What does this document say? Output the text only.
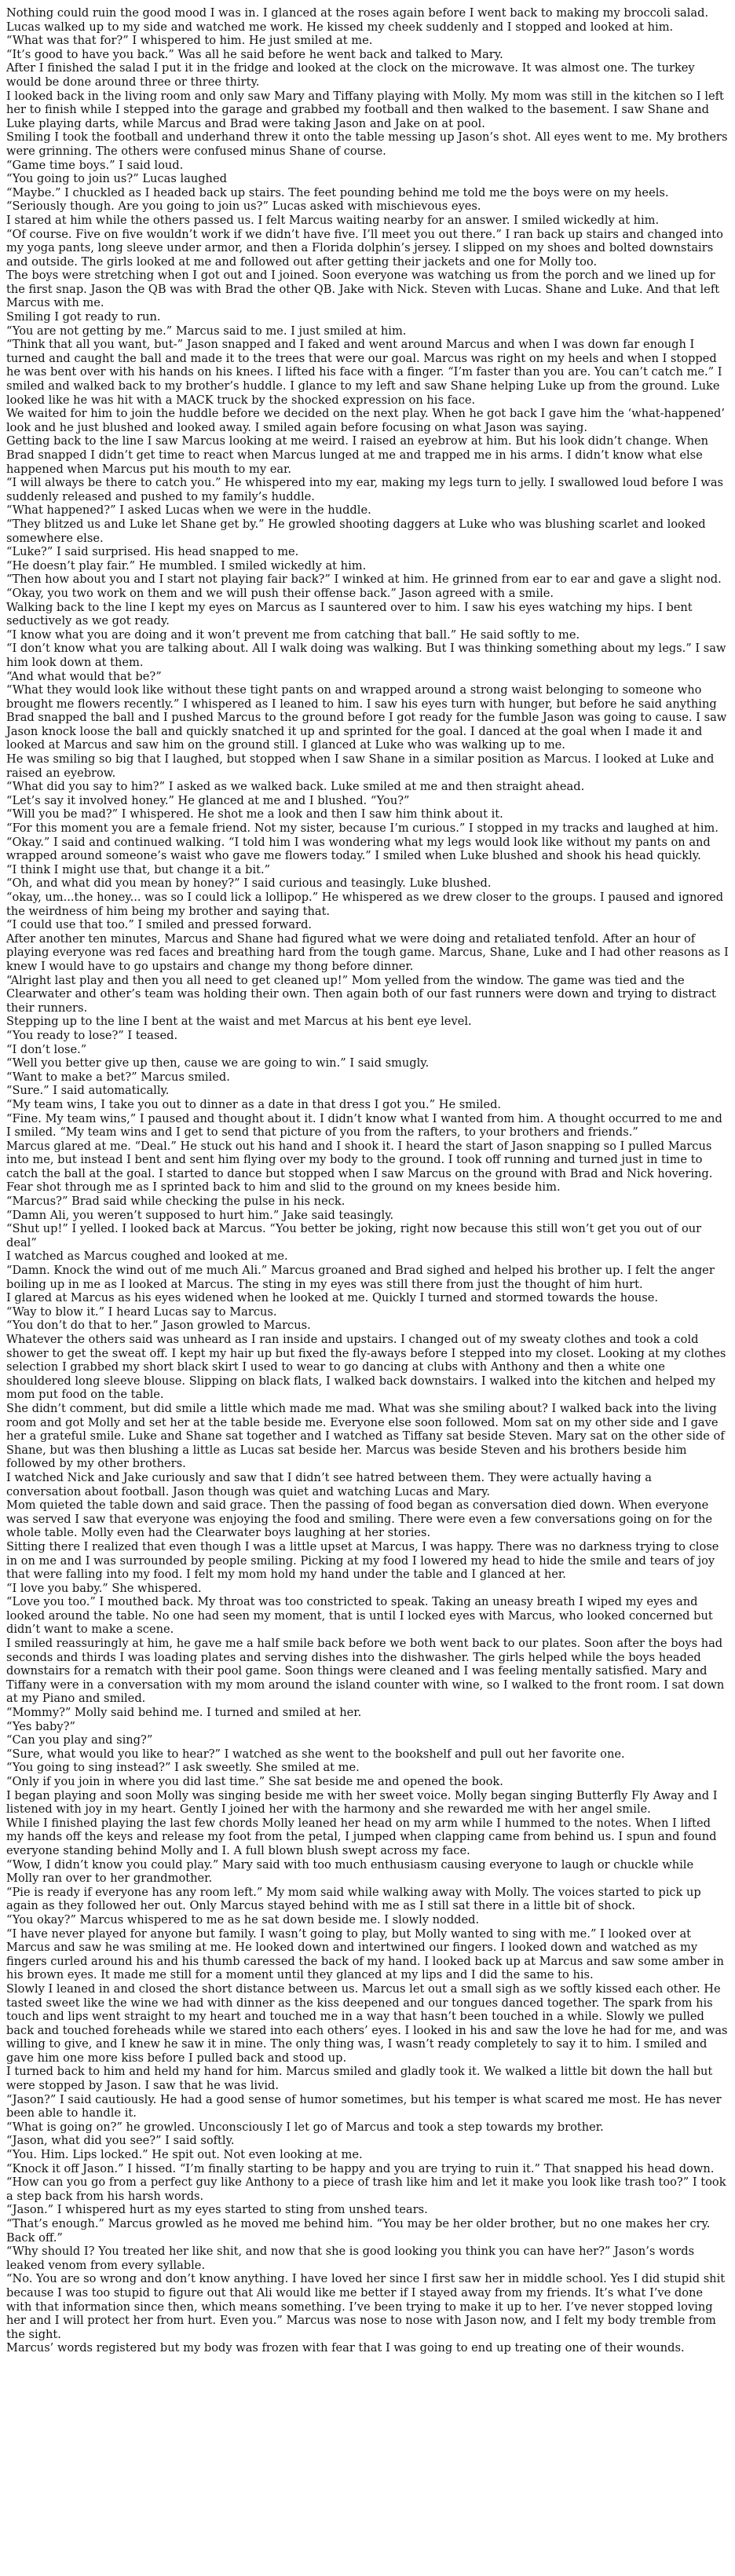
Nothing could ruin the good mood I was in. I glanced at the roses again before I went back to making my broccoli salad. Lucas walked up to my side and watched me work. He kissed my cheek suddenly and I stopped and looked at him.

“What was that for?” I whispered to him. He just smiled at me.

“It’s good to have you back.” Was all he said before he went back and talked to Mary.

After I finished the salad I put it in the fridge and looked at the clock on the microwave. It was almost one. The turkey would be done around three or three thirty.

I looked back in the living room and only saw Mary and Tiffany playing with Molly. My mom was still in the kitchen so I left her to finish while I stepped into the garage and grabbed my football and then walked to the basement. I saw Shane and Luke playing darts, while Marcus and Brad were taking Jason and Jake on at pool.

Smiling I took the football and underhand threw it onto the table messing up Jason’s shot. All eyes went to me. My brothers were grinning. The others were confused minus Shane of course.

“Game time boys.” I said loud.

“You going to join us?” Lucas laughed

“Maybe.” I chuckled as I headed back up stairs. The feet pounding behind me told me the boys were on my heels.

“Seriously though. Are you going to join us?” Lucas asked with mischievous eyes.

I stared at him while the others passed us. I felt Marcus waiting nearby for an answer. I smiled wickedly at him.

“Of course. Five on five wouldn’t work if we didn’t have five. I’ll meet you out there.” I ran back up stairs and changed into my yoga pants, long sleeve under armor, and then a Florida dolphin’s jersey. I slipped on my shoes and bolted downstairs and outside. The girls looked at me and followed out after getting their jackets and one for Molly too.

The boys were stretching when I got out and I joined. Soon everyone was watching us from the porch and we lined up for the first snap. Jason the QB was with Brad the other QB. Jake with Nick. Steven with Lucas. Shane and Luke. And that left Marcus with me.

Smiling I got ready to run.

“You are not getting by me.” Marcus said to me. I just smiled at him.

“Think that all you want, but-” Jason snapped and I faked and went around Marcus and when I was down far enough I turned and caught the ball and made it to the trees that were our goal. Marcus was right on my heels and when I stopped he was bent over with his hands on his knees. I lifted his face with a finger. “I’m faster than you are. You can’t catch me.” I smiled and walked back to my brother’s huddle. I glance to my left and saw Shane helping Luke up from the ground. Luke looked like he was hit with a MACK truck by the shocked expression on his face.

We waited for him to join the huddle before we decided on the next play. When he got back I gave him the ‘what-happened’ look and he just blushed and looked away. I smiled again before focusing on what Jason was saying.

Getting back to the line I saw Marcus looking at me weird. I raised an eyebrow at him. But his look didn’t change. When Brad snapped I didn’t get time to react when Marcus lunged at me and trapped me in his arms. I didn’t know what else happened when Marcus put his mouth to my ear.

“I will always be there to catch you.” He whispered into my ear, making my legs turn to jelly. I swallowed loud before I was suddenly released and pushed to my family’s huddle.

“What happened?” I asked Lucas when we were in the huddle.

“They blitzed us and Luke let Shane get by.” He growled shooting daggers at Luke who was blushing scarlet and looked somewhere else.

“Luke?” I said surprised. His head snapped to me.

“He doesn’t play fair.” He mumbled. I smiled wickedly at him.

“Then how about you and I start not playing fair back?” I winked at him. He grinned from ear to ear and gave a slight nod.

“Okay, you two work on them and we will push their offense back.” Jason agreed with a smile.

Walking back to the line I kept my eyes on Marcus as I sauntered over to him. I saw his eyes watching my hips. I bent seductively as we got ready.

“I know what you are doing and it won’t prevent me from catching that ball.” He said softly to me.

“I don’t know what you are talking about. All I walk doing was walking. But I was thinking something about my legs.” I saw him look down at them.

“And what would that be?”

“What they would look like without these tight pants on and wrapped around a strong waist belonging to someone who brought me flowers recently.” I whispered as I leaned to him. I saw his eyes turn with hunger, but before he said anything Brad snapped the ball and I pushed Marcus to the ground before I got ready for the fumble Jason was going to cause. I saw Jason knock loose the ball and quickly snatched it up and sprinted for the goal. I danced at the goal when I made it and looked at Marcus and saw him on the ground still. I glanced at Luke who was walking up to me.

He was smiling so big that I laughed, but stopped when I saw Shane in a similar position as Marcus. I looked at Luke and raised an eyebrow.

“What did you say to him?” I asked as we walked back. Luke smiled at me and then straight ahead.

“Let’s say it involved honey.” He glanced at me and I blushed. “You?”

“Will you be mad?” I whispered. He shot me a look and then I saw him think about it.

“For this moment you are a female friend. Not my sister, because I’m curious.” I stopped in my tracks and laughed at him.

“Okay.” I said and continued walking. “I told him I was wondering what my legs would look like without my pants on and wrapped around someone’s waist who gave me flowers today.” I smiled when Luke blushed and shook his head quickly.

“I think I might use that, but change it a bit.”

“Oh, and what did you mean by honey?” I said curious and teasingly. Luke blushed.

“okay, um...the honey... was so I could lick a lollipop.” He whispered as we drew closer to the groups. I paused and ignored the weirdness of him being my brother and saying that.

“I could use that too.” I smiled and pressed forward.

After another ten minutes, Marcus and Shane had figured what we were doing and retaliated tenfold. After an hour of playing everyone was red faces and breathing hard from the tough game. Marcus, Shane, Luke and I had other reasons as I knew I would have to go upstairs and change my thong before dinner.

“Alright last play and then you all need to get cleaned up!” Mom yelled from the window. The game was tied and the Clearwater and other’s team was holding their own. Then again both of our fast runners were down and trying to distract their runners.

Stepping up to the line I bent at the waist and met Marcus at his bent eye level.

“You ready to lose?” I teased.

“I don’t lose.”

“Well you better give up then, cause we are going to win.” I said smugly.

“Want to make a bet?” Marcus smiled.

“Sure.” I said automatically.

“My team wins, I take you out to dinner as a date in that dress I got you.” He smiled.

“Fine. My team wins,” I paused and thought about it. I didn’t know what I wanted from him. A thought occurred to me and I smiled. “My team wins and I get to send that picture of you from the rafters, to your brothers and friends.”

Marcus glared at me. “Deal.” He stuck out his hand and I shook it. I heard the start of Jason snapping so I pulled Marcus into me, but instead I bent and sent him flying over my body to the ground. I took off running and turned just in time to catch the ball at the goal. I started to dance but stopped when I saw Marcus on the ground with Brad and Nick hovering.

Fear shot through me as I sprinted back to him and slid to the ground on my knees beside him.

“Marcus?” Brad said while checking the pulse in his neck.

“Damn Ali, you weren’t supposed to hurt him.” Jake said teasingly.

“Shut up!” I yelled. I looked back at Marcus. “You better be joking, right now because this still won’t get you out of our deal”

I watched as Marcus coughed and looked at me.

“Damn. Knock the wind out of me much Ali.” Marcus groaned and Brad sighed and helped his brother up. I felt the anger boiling up in me as I looked at Marcus. The sting in my eyes was still there from just the thought of him hurt.

I glared at Marcus as his eyes widened when he looked at me. Quickly I turned and stormed towards the house.

“Way to blow it.” I heard Lucas say to Marcus.

“You don’t do that to her.” Jason growled to Marcus.

Whatever the others said was unheard as I ran inside and upstairs. I changed out of my sweaty clothes and took a cold shower to get the sweat off. I kept my hair up but fixed the fly-aways before I stepped into my closet. Looking at my clothes selection I grabbed my short black skirt I used to wear to go dancing at clubs with Anthony and then a white one shouldered long sleeve blouse. Slipping on black flats, I walked back downstairs. I walked into the kitchen and helped my mom put food on the table.

She didn’t comment, but did smile a little which made me mad. What was she smiling about? I walked back into the living room and got Molly and set her at the table beside me. Everyone else soon followed. Mom sat on my other side and I gave her a grateful smile. Luke and Shane sat together and I watched as Tiffany sat beside Steven. Mary sat on the other side of Shane, but was then blushing a little as Lucas sat beside her. Marcus was beside Steven and his brothers beside him followed by my other brothers.

I watched Nick and Jake curiously and saw that I didn’t see hatred between them. They were actually having a conversation about football. Jason though was quiet and watching Lucas and Mary.

Mom quieted the table down and said grace. Then the passing of food began as conversation died down. When everyone was served I saw that everyone was enjoying the food and smiling. There were even a few conversations going on for the whole table. Molly even had the Clearwater boys laughing at her stories.

Sitting there I realized that even though I was a little upset at Marcus, I was happy. There was no darkness trying to close in on me and I was surrounded by people smiling. Picking at my food I lowered my head to hide the smile and tears of joy that were falling into my food. I felt my mom hold my hand under the table and I glanced at her.

“I love you baby.” She whispered.

“Love you too.” I mouthed back. My throat was too constricted to speak. Taking an uneasy breath I wiped my eyes and looked around the table. No one had seen my moment, that is until I locked eyes with Marcus, who looked concerned but didn’t want to make a scene.

I smiled reassuringly at him, he gave me a half smile back before we both went back to our plates. Soon after the boys had seconds and thirds I was loading plates and serving dishes into the dishwasher. The girls helped while the boys headed downstairs for a rematch with their pool game. Soon things were cleaned and I was feeling mentally satisfied. Mary and Tiffany were in a conversation with my mom around the island counter with wine, so I walked to the front room. I sat down at my Piano and smiled.

“Mommy?” Molly said behind me. I turned and smiled at her.

“Yes baby?”

“Can you play and sing?”

“Sure, what would you like to hear?” I watched as she went to the bookshelf and pull out her favorite one.

“You going to sing instead?” I ask sweetly. She smiled at me.

“Only if you join in where you did last time.” She sat beside me and opened the book.

I began playing and soon Molly was singing beside me with her sweet voice. Molly began singing Butterfly Fly Away and I listened with joy in my heart. Gently I joined her with the harmony and she rewarded me with her angel smile.

While I finished playing the last few chords Molly leaned her head on my arm while I hummed to the notes. When I lifted my hands off the keys and release my foot from the petal, I jumped when clapping came from behind us. I spun and found everyone standing behind Molly and I. A full blown blush swept across my face.

“Wow, I didn’t know you could play.” Mary said with too much enthusiasm causing everyone to laugh or chuckle while Molly ran over to her grandmother.

“Pie is ready if everyone has any room left.” My mom said while walking away with Molly. The voices started to pick up again as they followed her out. Only Marcus stayed behind with me as I still sat there in a little bit of shock.

“You okay?” Marcus whispered to me as he sat down beside me. I slowly nodded.

“I have never played for anyone but family. I wasn’t going to play, but Molly wanted to sing with me.” I looked over at Marcus and saw he was smiling at me. He looked down and intertwined our fingers. I looked down and watched as my fingers curled around his and his thumb caressed the back of my hand. I looked back up at Marcus and saw some amber in his brown eyes. It made me still for a moment until they glanced at my lips and I did the same to his.

Slowly I leaned in and closed the short distance between us. Marcus let out a small sigh as we softly kissed each other. He tasted sweet like the wine we had with dinner as the kiss deepened and our tongues danced together. The spark from his touch and lips went straight to my heart and touched me in a way that hasn’t been touched in a while. Slowly we pulled back and touched foreheads while we stared into each others’ eyes. I looked in his and saw the love he had for me, and was willing to give, and I knew he saw it in mine. The only thing was, I wasn’t ready completely to say it to him. I smiled and gave him one more kiss before I pulled back and stood up.

I turned back to him and held my hand for him. Marcus smiled and gladly took it. We walked a little bit down the hall but were stopped by Jason. I saw that he was livid.

“Jason?” I said cautiously. He had a good sense of humor sometimes, but his temper is what scared me most. He has never been able to handle it.

“What is going on?” he growled. Unconsciously I let go of Marcus and took a step towards my brother.

“Jason, what did you see?” I said softly.

“You. Him. Lips locked.” He spit out. Not even looking at me.

“Knock it off Jason.” I hissed. “I’m finally starting to be happy and you are trying to ruin it.” That snapped his head down.

“How can you go from a perfect guy like Anthony to a piece of trash like him and let it make you look like trash too?” I took a step back from his harsh words.

“Jason.” I whispered hurt as my eyes started to sting from unshed tears.

“That’s enough.” Marcus growled as he moved me behind him. “You may be her older brother, but no one makes her cry. Back off.”

“Why should I? You treated her like shit, and now that she is good looking you think you can have her?” Jason’s words leaked venom from every syllable.

“No. You are so wrong and don’t know anything. I have loved her since I first saw her in middle school. Yes I did stupid shit because I was too stupid to figure out that Ali would like me better if I stayed away from my friends. It’s what I’ve done with that information since then, which means something. I’ve been trying to make it up to her. I’ve never stopped loving her and I will protect her from hurt. Even you.” Marcus was nose to nose with Jason now, and I felt my body tremble from the sight.

Marcus’ words registered but my body was frozen with fear that I was going to end up treating one of their wounds.
